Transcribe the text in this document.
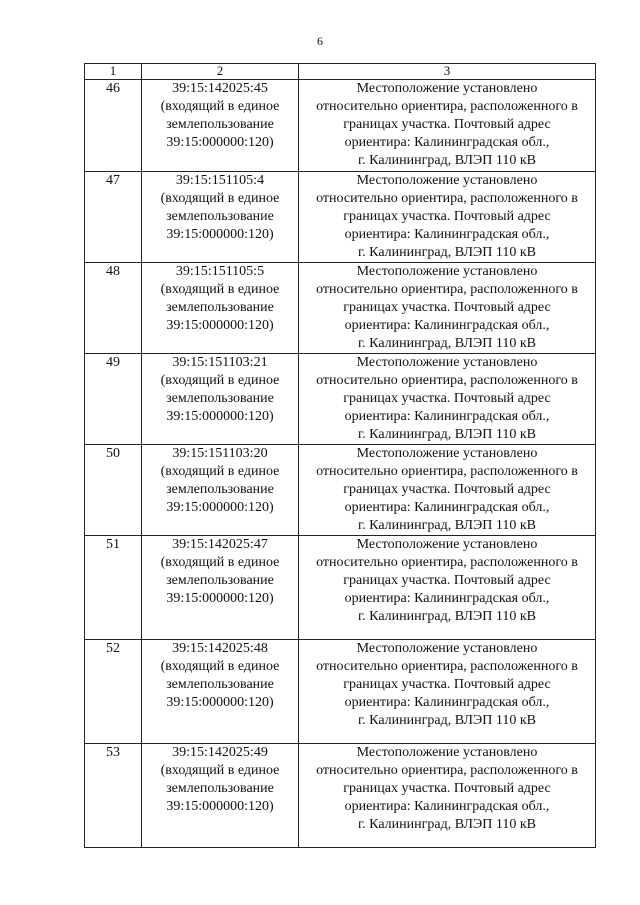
6
1	2	3
46	39:15:142025:45
(входящий в единое
землепользование
39:15:000000:120)	Местоположение установлено
относительно ориентира, расположенного в
границах участка. Почтовый адрес
ориентира: Калининградская обл.,
г. Калининград, ВЛЭП 110 кВ

47	39:15:151105:4
(входящий в единое
землепользование
39:15:000000:120)	Местоположение установлено
относительно ориентира, расположенного в
границах участка. Почтовый адрес
ориентира: Калининградская обл.,
г. Калининград, ВЛЭП 110 кВ

48	39:15:151105:5
(входящий в единое
землепользование
39:15:000000:120)	Местоположение установлено
относительно ориентира, расположенного в
границах участка. Почтовый адрес
ориентира: Калининградская обл.,
г. Калининград, ВЛЭП 110 кВ

49	39:15:151103:21
(входящий в единое
землепользование
39:15:000000:120)	Местоположение установлено
относительно ориентира, расположенного в
границах участка. Почтовый адрес
ориентира: Калининградская обл.,
г. Калининград, ВЛЭП 110 кВ

50	39:15:151103:20
(входящий в единое
землепользование
39:15:000000:120)	Местоположение установлено
относительно ориентира, расположенного в
границах участка. Почтовый адрес
ориентира: Калининградская обл.,
г. Калининград, ВЛЭП 110 кВ

51	39:15:142025:47
(входящий в единое
землепользование
39:15:000000:120)	Местоположение установлено
относительно ориентира, расположенного в
границах участка. Почтовый адрес
ориентира: Калининградская обл.,
г. Калининград, ВЛЭП 110 кВ

52	39:15:142025:48
(входящий в единое
землепользование
39:15:000000:120)	Местоположение установлено
относительно ориентира, расположенного в
границах участка. Почтовый адрес
ориентира: Калининградская обл.,
г. Калининград, ВЛЭП 110 кВ

53	39:15:142025:49
(входящий в единое
землепользование
39:15:000000:120)	Местоположение установлено
относительно ориентира, расположенного в
границах участка. Почтовый адрес
ориентира: Калининградская обл.,
г. Калининград, ВЛЭП 110 кВ
